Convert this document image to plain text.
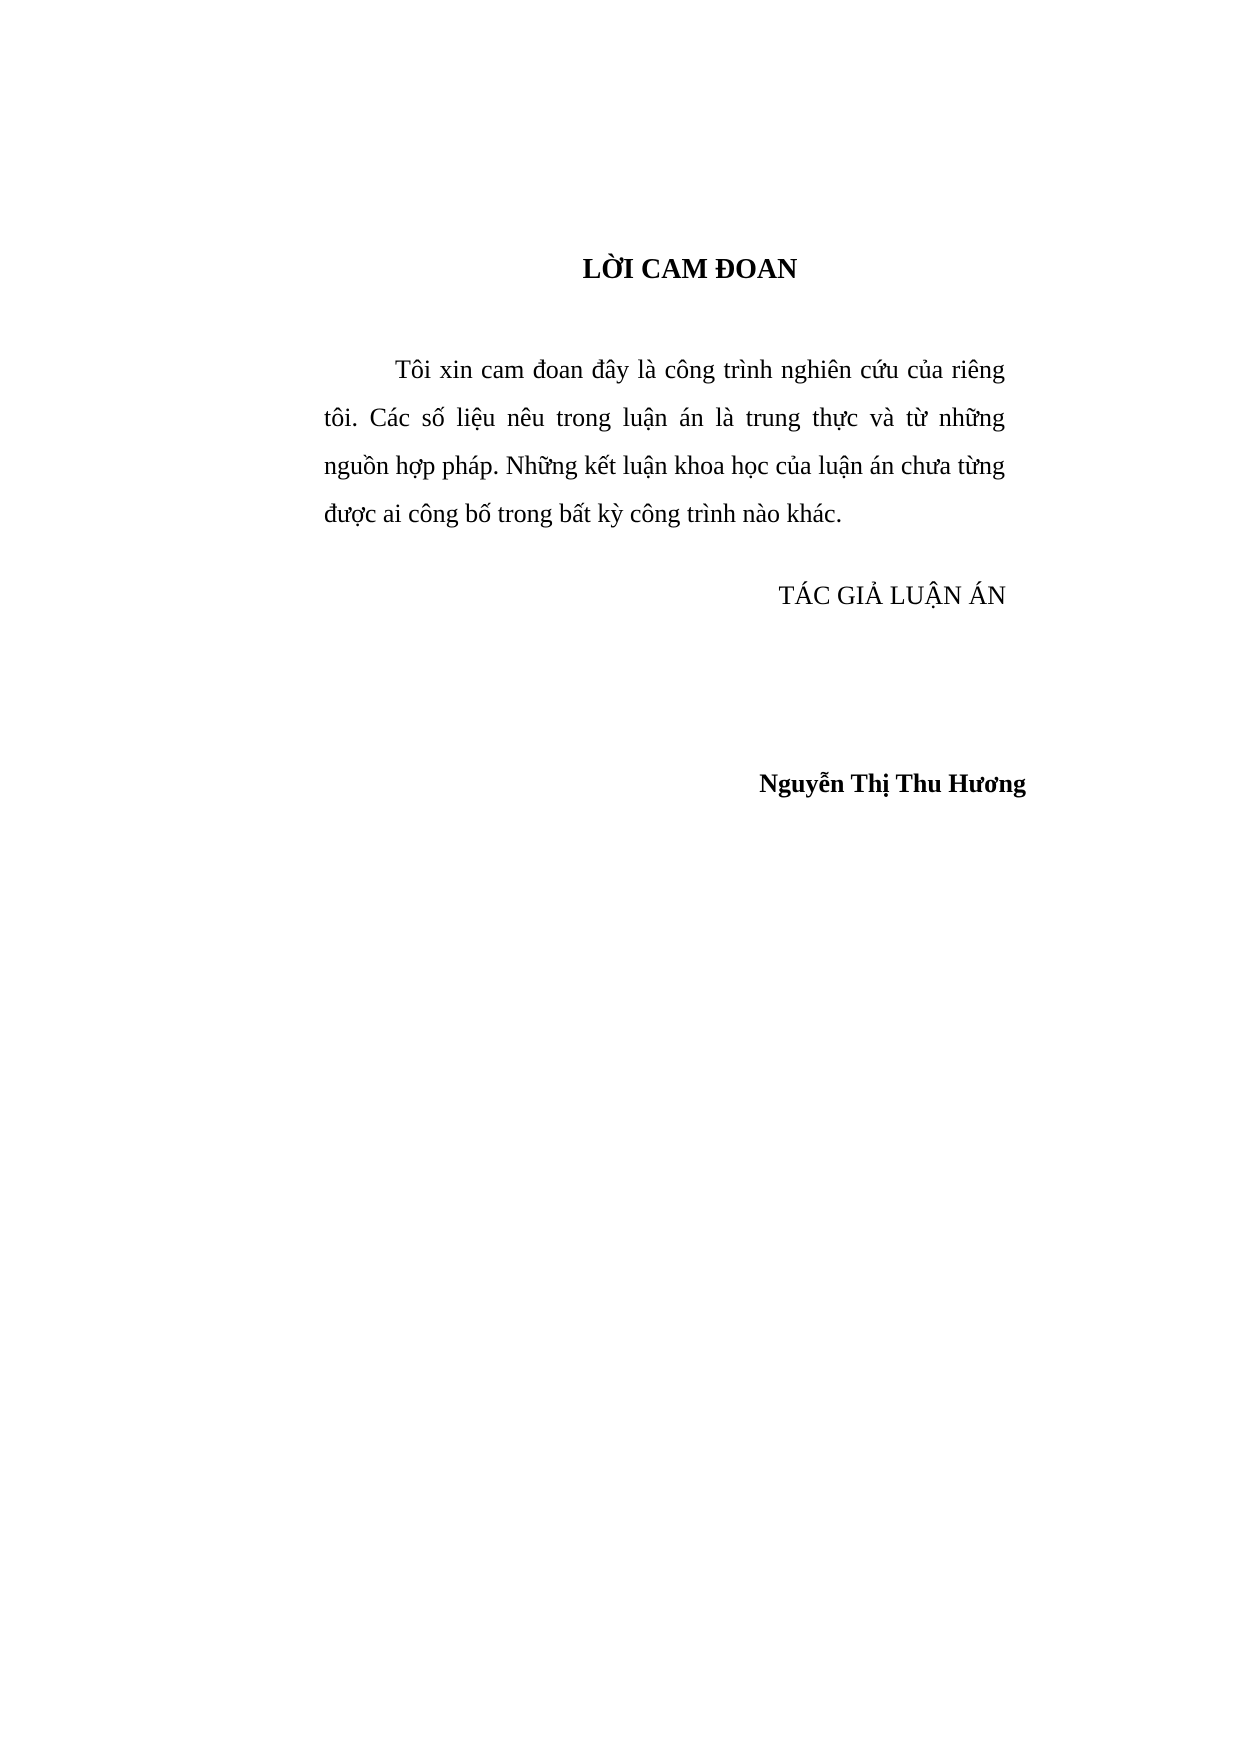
LỜI CAM ĐOAN

Tôi xin cam đoan đây là công trình nghiên cứu của riêng tôi. Các số liệu nêu trong luận án là trung thực và từ những nguồn hợp pháp. Những kết luận khoa học của luận án chưa từng được ai công bố trong bất kỳ công trình nào khác.

TÁC GIẢ LUẬN ÁN

Nguyễn Thị Thu Hương
